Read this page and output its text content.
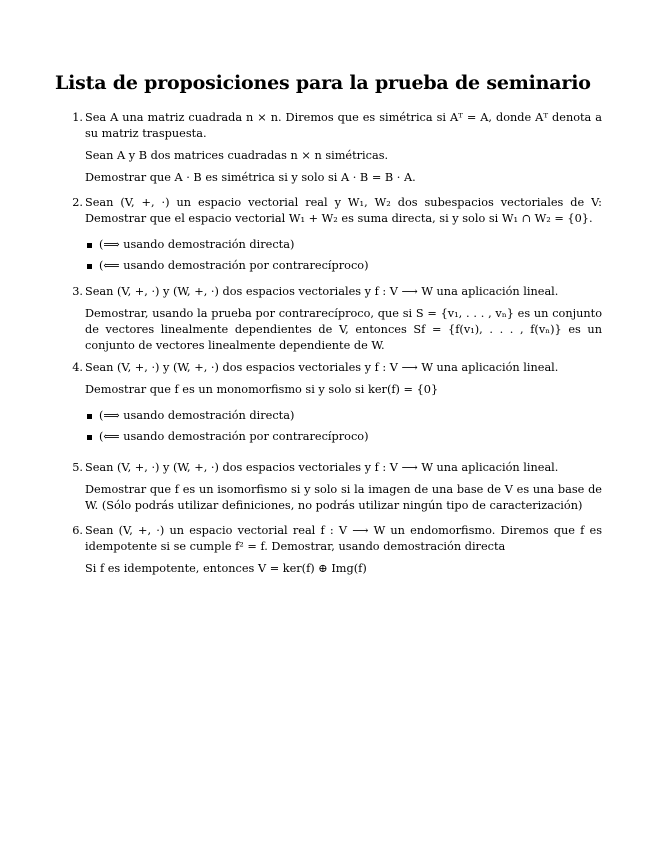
Lista de proposiciones para la prueba de seminario
1. Sea A una matriz cuadrada n × n. Diremos que es simétrica si Aᵀ = A, donde Aᵀ denota a su matriz traspuesta.

Sean A y B dos matrices cuadradas n × n simétricas.

Demostrar que A · B es simétrica si y solo si A · B = B · A.

2. Sean (V, +, ·) un espacio vectorial real y W₁, W₂ dos subespacios vectoriales de V: Demostrar que el espacio vectorial W₁ + W₂ es suma directa, si y solo si W₁ ∩ W₂ = {0}.

(⟹ usando demostración directa)
(⟸ usando demostración por contrarecíproco)
3. Sean (V, +, ·) y (W, +, ·) dos espacios vectoriales y f : V ⟶ W una aplicación lineal.

Demostrar, usando la prueba por contrarecíproco, que si S = {v₁, . . . , vₙ} es un conjunto de vectores linealmente dependientes de V, entonces Sf = {f(v₁), . . . , f(vₙ)} es un conjunto de vectores linealmente dependiente de W.

4. Sean (V, +, ·) y (W, +, ·) dos espacios vectoriales y f : V ⟶ W una aplicación lineal.

Demostrar que f es un monomorfismo si y solo si ker(f) = {0}

(⟹ usando demostración directa)
(⟸ usando demostración por contrarecíproco)
5. Sean (V, +, ·) y (W, +, ·) dos espacios vectoriales y f : V ⟶ W una aplicación lineal.

Demostrar que f es un isomorfismo si y solo si la imagen de una base de V es una base de W. (Sólo podrás utilizar definiciones, no podrás utilizar ningún tipo de caracterización)

6. Sean (V, +, ·) un espacio vectorial real f : V ⟶ W un endomorfismo. Diremos que f es idempotente si se cumple f² = f. Demostrar, usando demostración directa

Si f es idempotente, entonces V = ker(f) ⊕ Img(f)
